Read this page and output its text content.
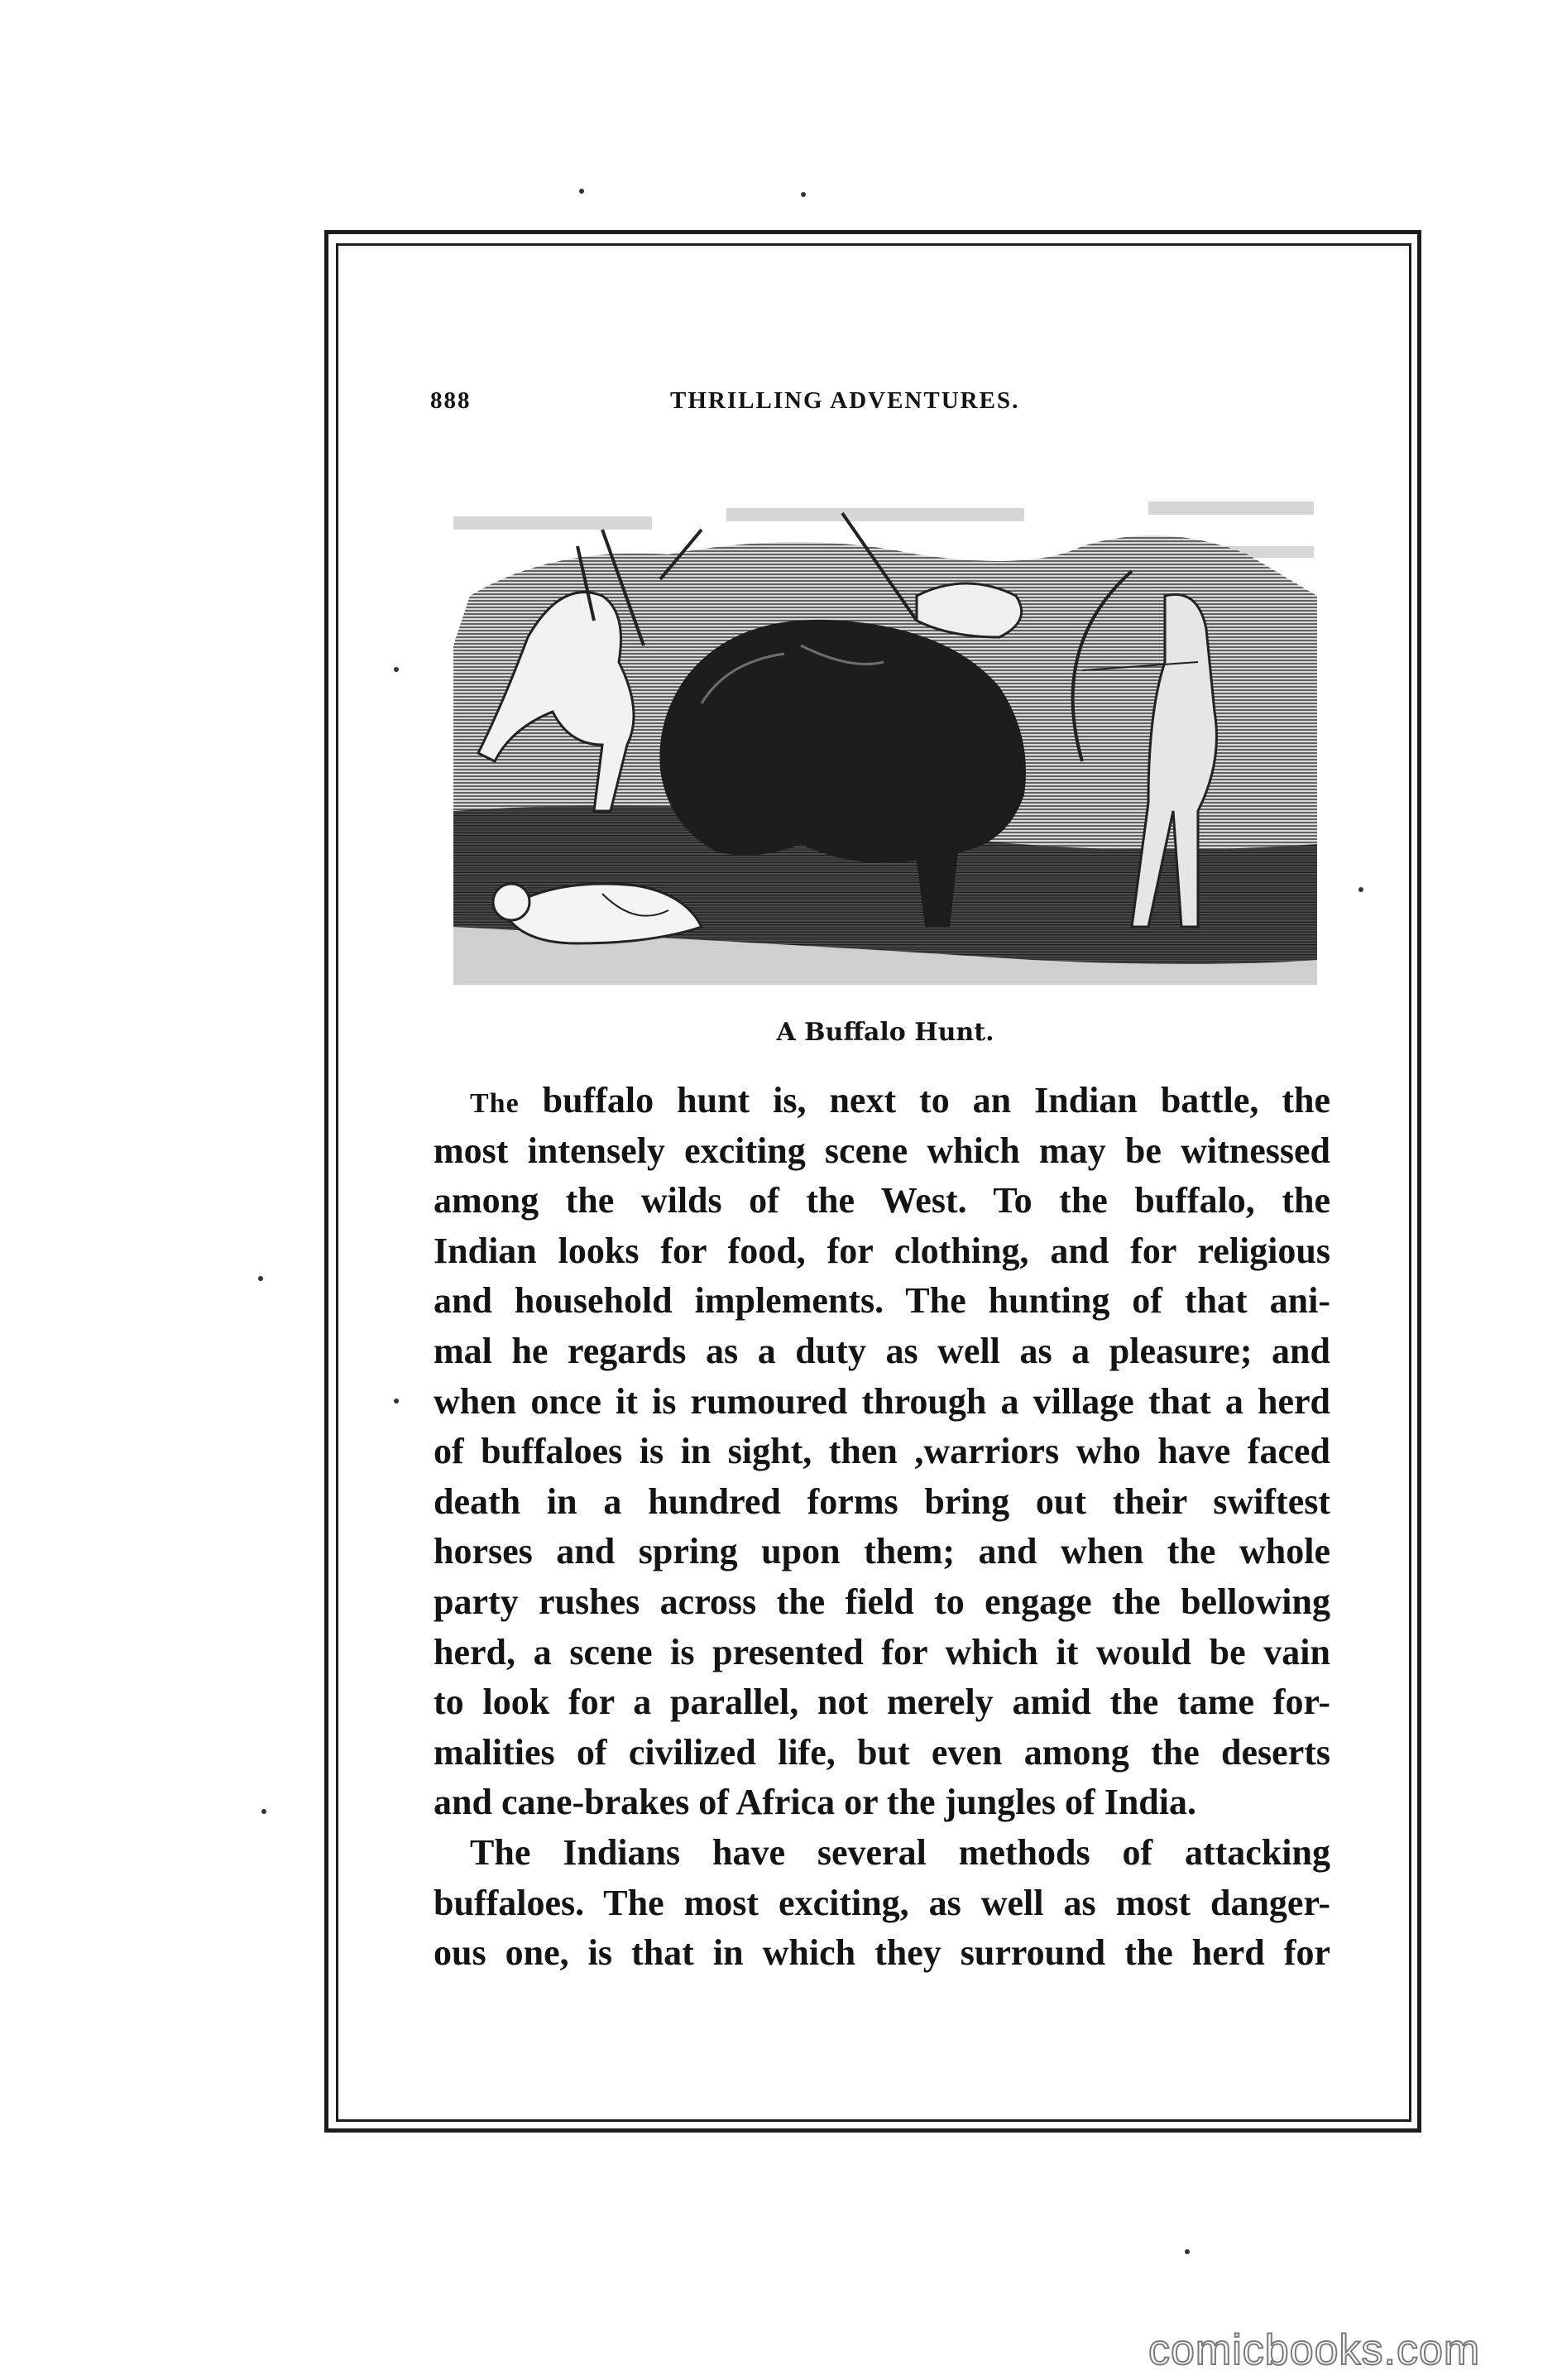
888	THRILLING ADVENTURES.
A Buffalo Hunt.
The buffalo hunt is, next to an Indian battle, the
most intensely exciting scene which may be witnessed
among the wilds of the West. To the buffalo, the
Indian looks for food, for clothing, and for religious
and household implements. The hunting of that ani-
mal he regards as a duty as well as a pleasure; and
when once it is rumoured through a village that a herd
of buffaloes is in sight, then ,warriors who have faced
death in a hundred forms bring out their swiftest
horses and spring upon them; and when the whole
party rushes across the field to engage the bellowing
herd, a scene is presented for which it would be vain
to look for a parallel, not merely amid the tame for-
malities of civilized life, but even among the deserts
and cane-brakes of Africa or the jungles of India.
The Indians have several methods of attacking
buffaloes. The most exciting, as well as most danger-
ous one, is that in which they surround the herd for
comicbooks.com
